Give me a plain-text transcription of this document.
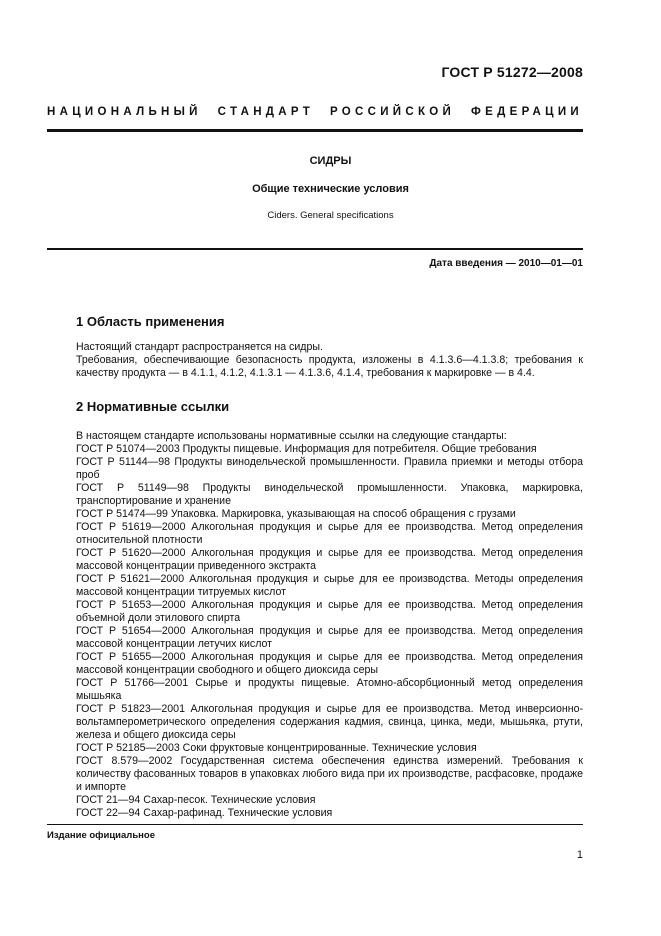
ГОСТ Р 51272—2008
НАЦИОНАЛЬНЫЙ СТАНДАРТ РОССИЙСКОЙ ФЕДЕРАЦИИ
СИДРЫ
Общие технические условия
Ciders. General specifications
Дата введения — 2010—01—01
1 Область применения

Настоящий стандарт распространяется на сидры.

Требования, обеспечивающие безопасность продукта, изложены в 4.1.3.6—4.1.3.8; требования к качеству продукта — в 4.1.1, 4.1.2, 4.1.3.1 — 4.1.3.6, 4.1.4, требования к маркировке — в 4.4.

2 Нормативные ссылки

В настоящем стандарте использованы нормативные ссылки на следующие стандарты:

ГОСТ Р 51074—2003 Продукты пищевые. Информация для потребителя. Общие требования

ГОСТ Р 51144—98 Продукты винодельческой промышленности. Правила приемки и методы отбора проб

ГОСТ Р 51149—98 Продукты винодельческой промышленности. Упаковка, маркировка, транспортирование и хранение

ГОСТ Р 51474—99 Упаковка. Маркировка, указывающая на способ обращения с грузами

ГОСТ Р 51619—2000 Алкогольная продукция и сырье для ее производства. Метод определения относительной плотности

ГОСТ Р 51620—2000 Алкогольная продукция и сырье для ее производства. Метод определения массовой концентрации приведенного экстракта

ГОСТ Р 51621—2000 Алкогольная продукция и сырье для ее производства. Методы определения массовой концентрации титруемых кислот

ГОСТ Р 51653—2000 Алкогольная продукция и сырье для ее производства. Метод определения объемной доли этилового спирта

ГОСТ Р 51654—2000 Алкогольная продукция и сырье для ее производства. Метод определения массовой концентрации летучих кислот

ГОСТ Р 51655—2000 Алкогольная продукция и сырье для ее производства. Метод определения массовой концентрации свободного и общего диоксида серы

ГОСТ Р 51766—2001 Сырье и продукты пищевые. Атомно-абсорбционный метод определения мышьяка

ГОСТ Р 51823—2001 Алкогольная продукция и сырье для ее производства. Метод инверсионно-вольтамперометрического определения содержания кадмия, свинца, цинка, меди, мышьяка, ртути, железа и общего диоксида серы

ГОСТ Р 52185—2003 Соки фруктовые концентрированные. Технические условия

ГОСТ 8.579—2002 Государственная система обеспечения единства измерений. Требования к количеству фасованных товаров в упаковках любого вида при их производстве, расфасовке, продаже и импорте

ГОСТ 21—94 Сахар-песок. Технические условия

ГОСТ 22—94 Сахар-рафинад. Технические условия

Издание официальное
1
